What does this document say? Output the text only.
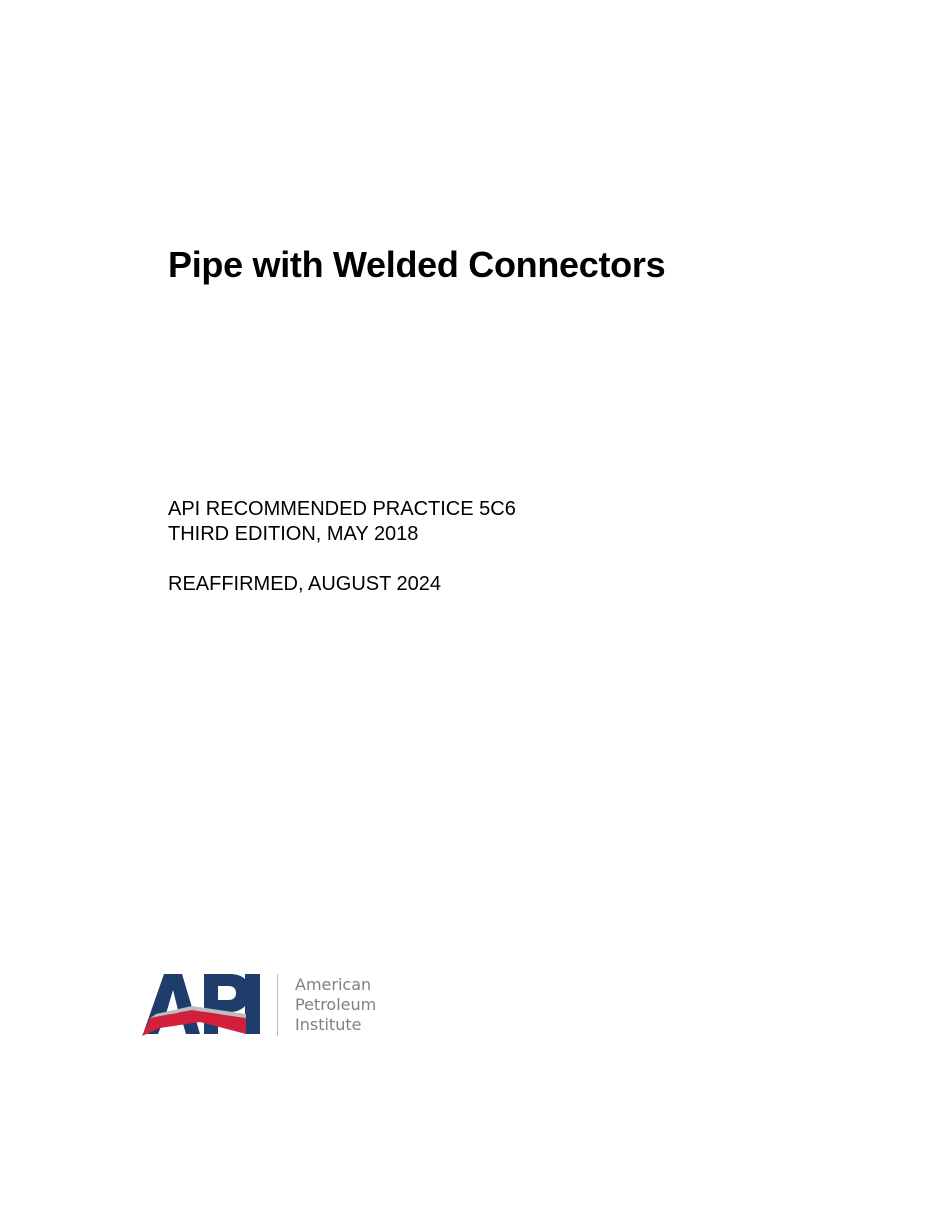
Pipe with Welded Connectors
API RECOMMENDED PRACTICE 5C6
THIRD EDITION, MAY 2018
REAFFIRMED, AUGUST 2024
American
Petroleum
Institute
